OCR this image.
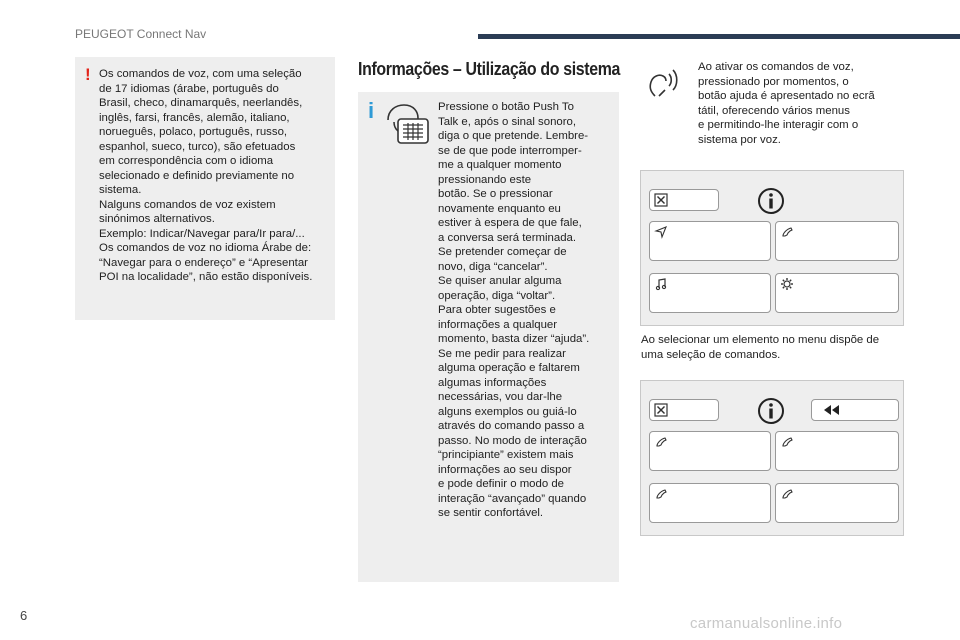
PEUGEOT Connect Nav
! Os comandos de voz, com uma seleção
de 17 idiomas (árabe, português do
Brasil, checo, dinamarquês, neerlandês,
inglês, farsi, francês, alemão, italiano,
norueguês, polaco, português, russo,
espanhol, sueco, turco), são efetuados
em correspondência com o idioma
selecionado e definido previamente no
sistema.
Nalguns comandos de voz existem
sinónimos alternativos.
Exemplo: Indicar/Navegar para/Ir para/...
Os comandos de voz no idioma Árabe de:
“Navegar para o endereço” e “Apresentar
POI na localidade”, não estão disponíveis.
Informações – Utilização do sistema
i	Pressione o botão Push To
Talk e, após o sinal sonoro,
diga o que pretende. Lembre-
se de que pode interromper-
me a qualquer momento
pressionando este
botão. Se o pressionar
novamente enquanto eu
estiver à espera de que fale,
a conversa será terminada.
Se pretender começar de
novo, diga “cancelar”.
Se quiser anular alguma
operação, diga “voltar”.
Para obter sugestões e
informações a qualquer
momento, basta dizer “ajuda”.
Se me pedir para realizar
alguma operação e faltarem
algumas informações
necessárias, vou dar-lhe
alguns exemplos ou guiá-lo
através do comando passo a
passo. No modo de interação
“principiante” existem mais
informações ao seu dispor
e pode definir o modo de
interação “avançado” quando
se sentir confortável.
Ao ativar os comandos de voz,
pressionado por momentos, o
botão ajuda é apresentado no ecrã
tátil, oferecendo vários menus
e permitindo-lhe interagir com o
sistema por voz.
Ao selecionar um elemento no menu dispõe de
uma seleção de comandos.
6	carmanualsonline.info
